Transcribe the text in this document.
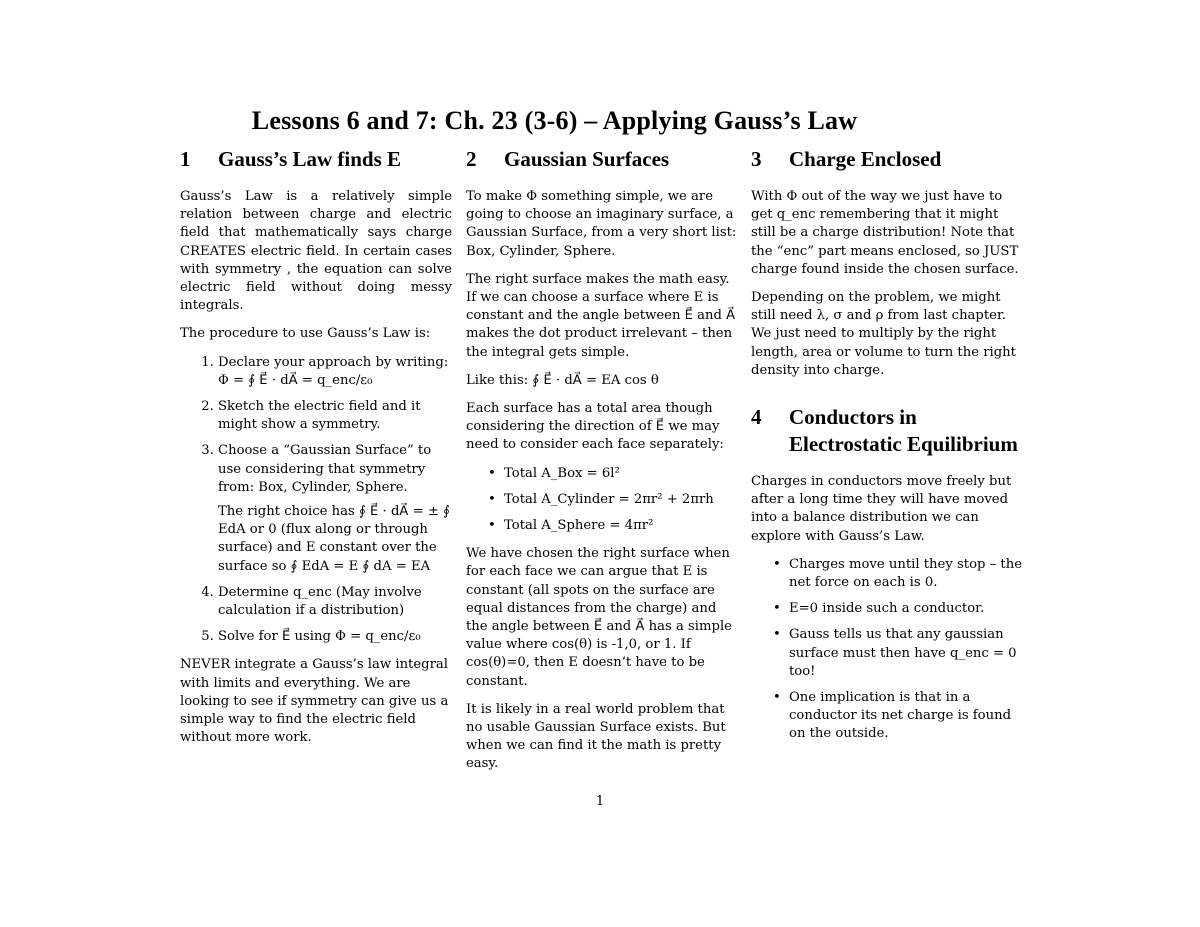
Lessons 6 and 7: Ch. 23 (3-6) – Applying Gauss’s Law
1	Gauss’s Law finds E⃗

Gauss’s Law is a relatively simple relation between charge and electric field that mathematically says charge CREATES electric field. In certain cases with symmetry , the equation can solve electric field without doing messy integrals.

The procedure to use Gauss’s Law is:

1. Declare your approach by writing: Φ = ∮ E⃗ · dA⃗ = q_enc/ε₀
2. Sketch the electric field and it might show a symmetry.
3. Choose a “Gaussian Surface” to use considering that symmetry from: Box, Cylinder, Sphere.

The right choice has ∮ E⃗ · dA⃗ = ± ∮ EdA or 0 (flux along or through surface) and E constant over the surface so ∮ EdA = E ∮ dA = EA

4. Determine q_enc (May involve calculation if a distribution)
5. Solve for E⃗ using Φ = q_enc/ε₀

NEVER integrate a Gauss’s law integral with limits and everything. We are looking to see if symmetry can give us a simple way to find the electric field without more work.

2	Gaussian Surfaces

To make Φ something simple, we are going to choose an imaginary surface, a Gaussian Surface, from a very short list: Box, Cylinder, Sphere.

The right surface makes the math easy. If we can choose a surface where E is constant and the angle between E⃗ and A⃗ makes the dot product irrelevant – then the integral gets simple.

Like this: ∮ E⃗ · dA⃗ = EA cos θ

Each surface has a total area though considering the direction of E⃗ we may need to consider each face separately:

• Total A_Box = 6l²
• Total A_Cylinder = 2πr² + 2πrh
• Total A_Sphere = 4πr²

We have chosen the right surface when for each face we can argue that E is constant (all spots on the surface are equal distances from the charge) and the angle between E⃗ and A⃗ has a simple value where cos(θ) is -1,0, or 1. If cos(θ)=0, then E doesn’t have to be constant.

It is likely in a real world problem that no usable Gaussian Surface exists. But when we can find it the math is pretty easy.

3	Charge Enclosed

With Φ out of the way we just have to get q_enc remembering that it might still be a charge distribution! Note that the “enc” part means enclosed, so JUST charge found inside the chosen surface.

Depending on the problem, we might still need λ, σ and ρ from last chapter. We just need to multiply by the right length, area or volume to turn the right density into charge.

4	Conductors in Electrostatic Equilibrium

Charges in conductors move freely but after a long time they will have moved into a balance distribution we can explore with Gauss’s Law.

• Charges move until they stop – the net force on each is 0.
• E=0 inside such a conductor.
• Gauss tells us that any gaussian surface must then have q_enc = 0 too!
• One implication is that in a conductor its net charge is found on the outside.
1
